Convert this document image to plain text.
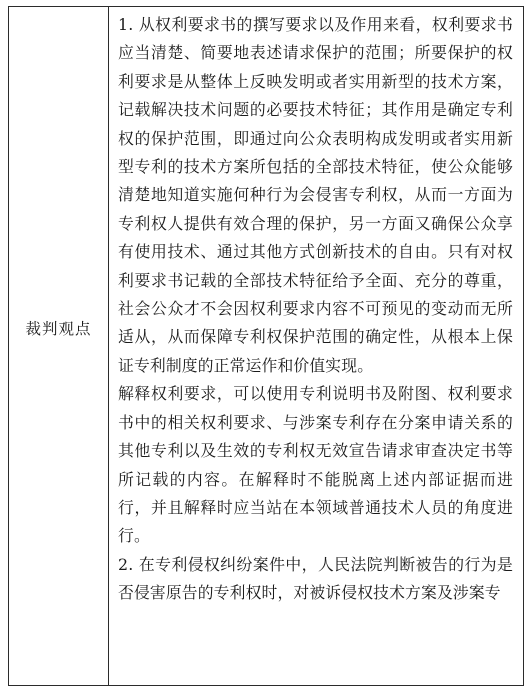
裁判观点

1. 从权利要求书的撰写要求以及作用来看，权利要求书应当清楚、简要地表述请求保护的范围；所要保护的权利要求是从整体上反映发明或者实用新型的技术方案，记载解决技术问题的必要技术特征；其作用是确定专利权的保护范围，即通过向公众表明构成发明或者实用新型专利的技术方案所包括的全部技术特征，使公众能够清楚地知道实施何种行为会侵害专利权，从而一方面为专利权人提供有效合理的保护，另一方面又确保公众享有使用技术、通过其他方式创新技术的自由。只有对权利要求书记载的全部技术特征给予全面、充分的尊重，社会公众才不会因权利要求内容不可预见的变动而无所适从，从而保障专利权保护范围的确定性，从根本上保证专利制度的正常运作和价值实现。

解释权利要求，可以使用专利说明书及附图、权利要求书中的相关权利要求、与涉案专利存在分案申请关系的其他专利以及生效的专利权无效宣告请求审查决定书等所记载的内容。在解释时不能脱离上述内部证据而进行，并且解释时应当站在本领域普通技术人员的角度进行。

2. 在专利侵权纠纷案件中，人民法院判断被告的行为是否侵害原告的专利权时，对被诉侵权技术方案及涉案专
